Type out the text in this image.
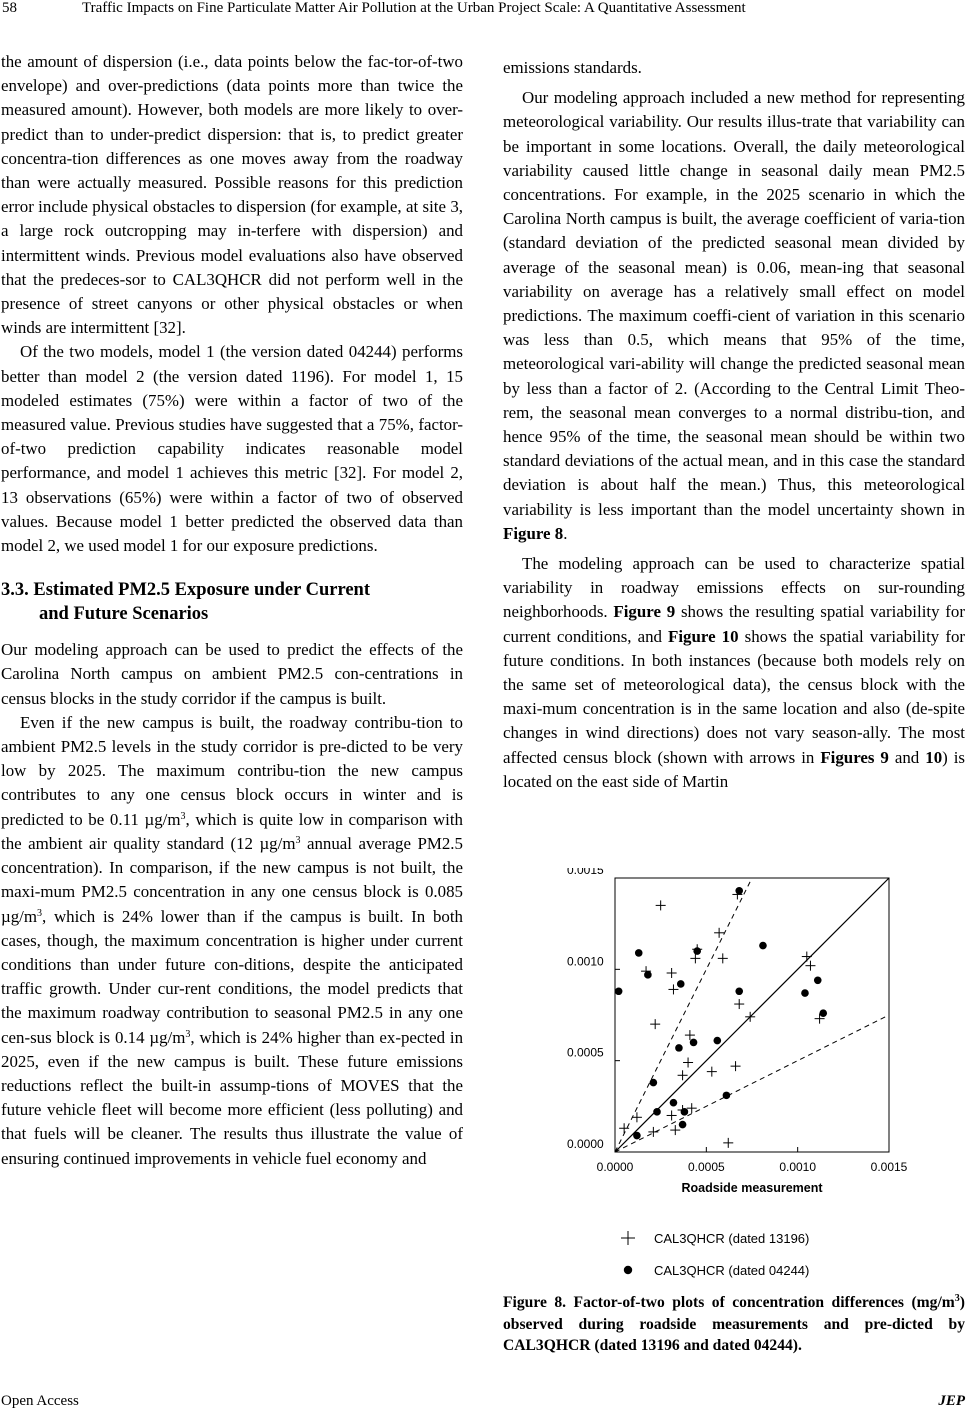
58	Traffic Impacts on Fine Particulate Matter Air Pollution at the Urban Project Scale: A Quantitative Assessment

the amount of dispersion (i.e., data points below the fac-tor-of-two envelope) and over-predictions (data points more than twice the measured amount). However, both models are more likely to over-predict than to under-predict dispersion: that is, to predict greater concentra-tion differences as one moves away from the roadway than were actually measured. Possible reasons for this prediction error include physical obstacles to dispersion (for example, at site 3, a large rock outcropping may in-terfere with dispersion) and intermittent winds. Previous model evaluations also have observed that the predeces-sor to CAL3QHCR did not perform well in the presence of street canyons or other physical obstacles or when winds are intermittent [32].

Of the two models, model 1 (the version dated 04244) performs better than model 2 (the version dated 1196). For model 1, 15 modeled estimates (75%) were within a factor of two of the measured value. Previous studies have suggested that a 75%, factor-of-two prediction capability indicates reasonable model performance, and model 1 achieves this metric [32]. For model 2, 13 observations (65%) were within a factor of two of observed values. Because model 1 better predicted the observed data than model 2, we used model 1 for our exposure predictions.

3.3. Estimated PM2.5 Exposure under Current
and Future Scenarios

Our modeling approach can be used to predict the effects of the Carolina North campus on ambient PM2.5 con-centrations in census blocks in the study corridor if the campus is built.

Even if the new campus is built, the roadway contribu-tion to ambient PM2.5 levels in the study corridor is pre-dicted to be very low by 2025. The maximum contribu-tion the new campus contributes to any one census block occurs in winter and is predicted to be 0.11 $\mu g/m^3$, which is quite low in comparison with the ambient air quality standard (12 $\mu g/m^3$ annual average PM2.5 concentration). In comparison, if the new campus is not built, the maxi-mum PM2.5 concentration in any one census block is 0.085 $\mu g/m^3$, which is 24% lower than if the campus is built. In both cases, though, the maximum concentration is higher under current conditions than under future con-ditions, despite the anticipated traffic growth. Under cur-rent conditions, the model predicts that the maximum roadway contribution to seasonal PM2.5 in any one cen-sus block is 0.14 $\mu g/m^3$, which is 24% higher than ex-pected in 2025, even if the new campus is built. These future emissions reductions reflect the built-in assump-tions of MOVES that the future vehicle fleet will become more efficient (less polluting) and that fuels will be cleaner. The results thus illustrate the value of ensuring continued improvements in vehicle fuel economy and

emissions standards.

Our modeling approach included a new method for representing meteorological variability. Our results illus-trate that variability can be important in some locations. Overall, the daily meteorological variability caused little change in seasonal daily mean PM2.5 concentrations. For example, in the 2025 scenario in which the Carolina North campus is built, the average coefficient of varia-tion (standard deviation of the predicted seasonal mean divided by average of the seasonal mean) is 0.06, mean-ing that seasonal variability on average has a relatively small effect on model predictions. The maximum coeffi-cient of variation in this scenario was less than 0.5, which means that 95% of the time, meteorological vari-ability will change the predicted seasonal mean by less than a factor of 2. (According to the Central Limit Theo-rem, the seasonal mean converges to a normal distribu-tion, and hence 95% of the time, the seasonal mean should be within two standard deviations of the actual mean, and in this case the standard deviation is about half the mean.) Thus, this meteorological variability is less important than the model uncertainty shown in Figure 8.

The modeling approach can be used to characterize spatial variability in roadway emissions effects on sur-rounding neighborhoods. Figure 9 shows the resulting spatial variability for current conditions, and Figure 10 shows the spatial variability for future conditions. In both instances (because both models rely on the same set of meteorological data), the census block with the maxi-mum concentration is in the same location and also (de-spite changes in wind directions) does not vary season-ally. The most affected census block (shown with arrows in Figures 9 and 10) is located on the east side of Martin

0.0000
0.0005
0.0010
0.0015
0.0000	0.0005	0.0010	0.0015
Roadside measurement
CAL3QHCR (dated 13196)
CAL3QHCR (dated 04244)
Figure 8. Factor-of-two plots of concentration differences $(mg/m^3)$ observed during roadside measurements and pre-dicted by CAL3QHCR (dated 13196 and dated 04244).
Open Access	JEP
